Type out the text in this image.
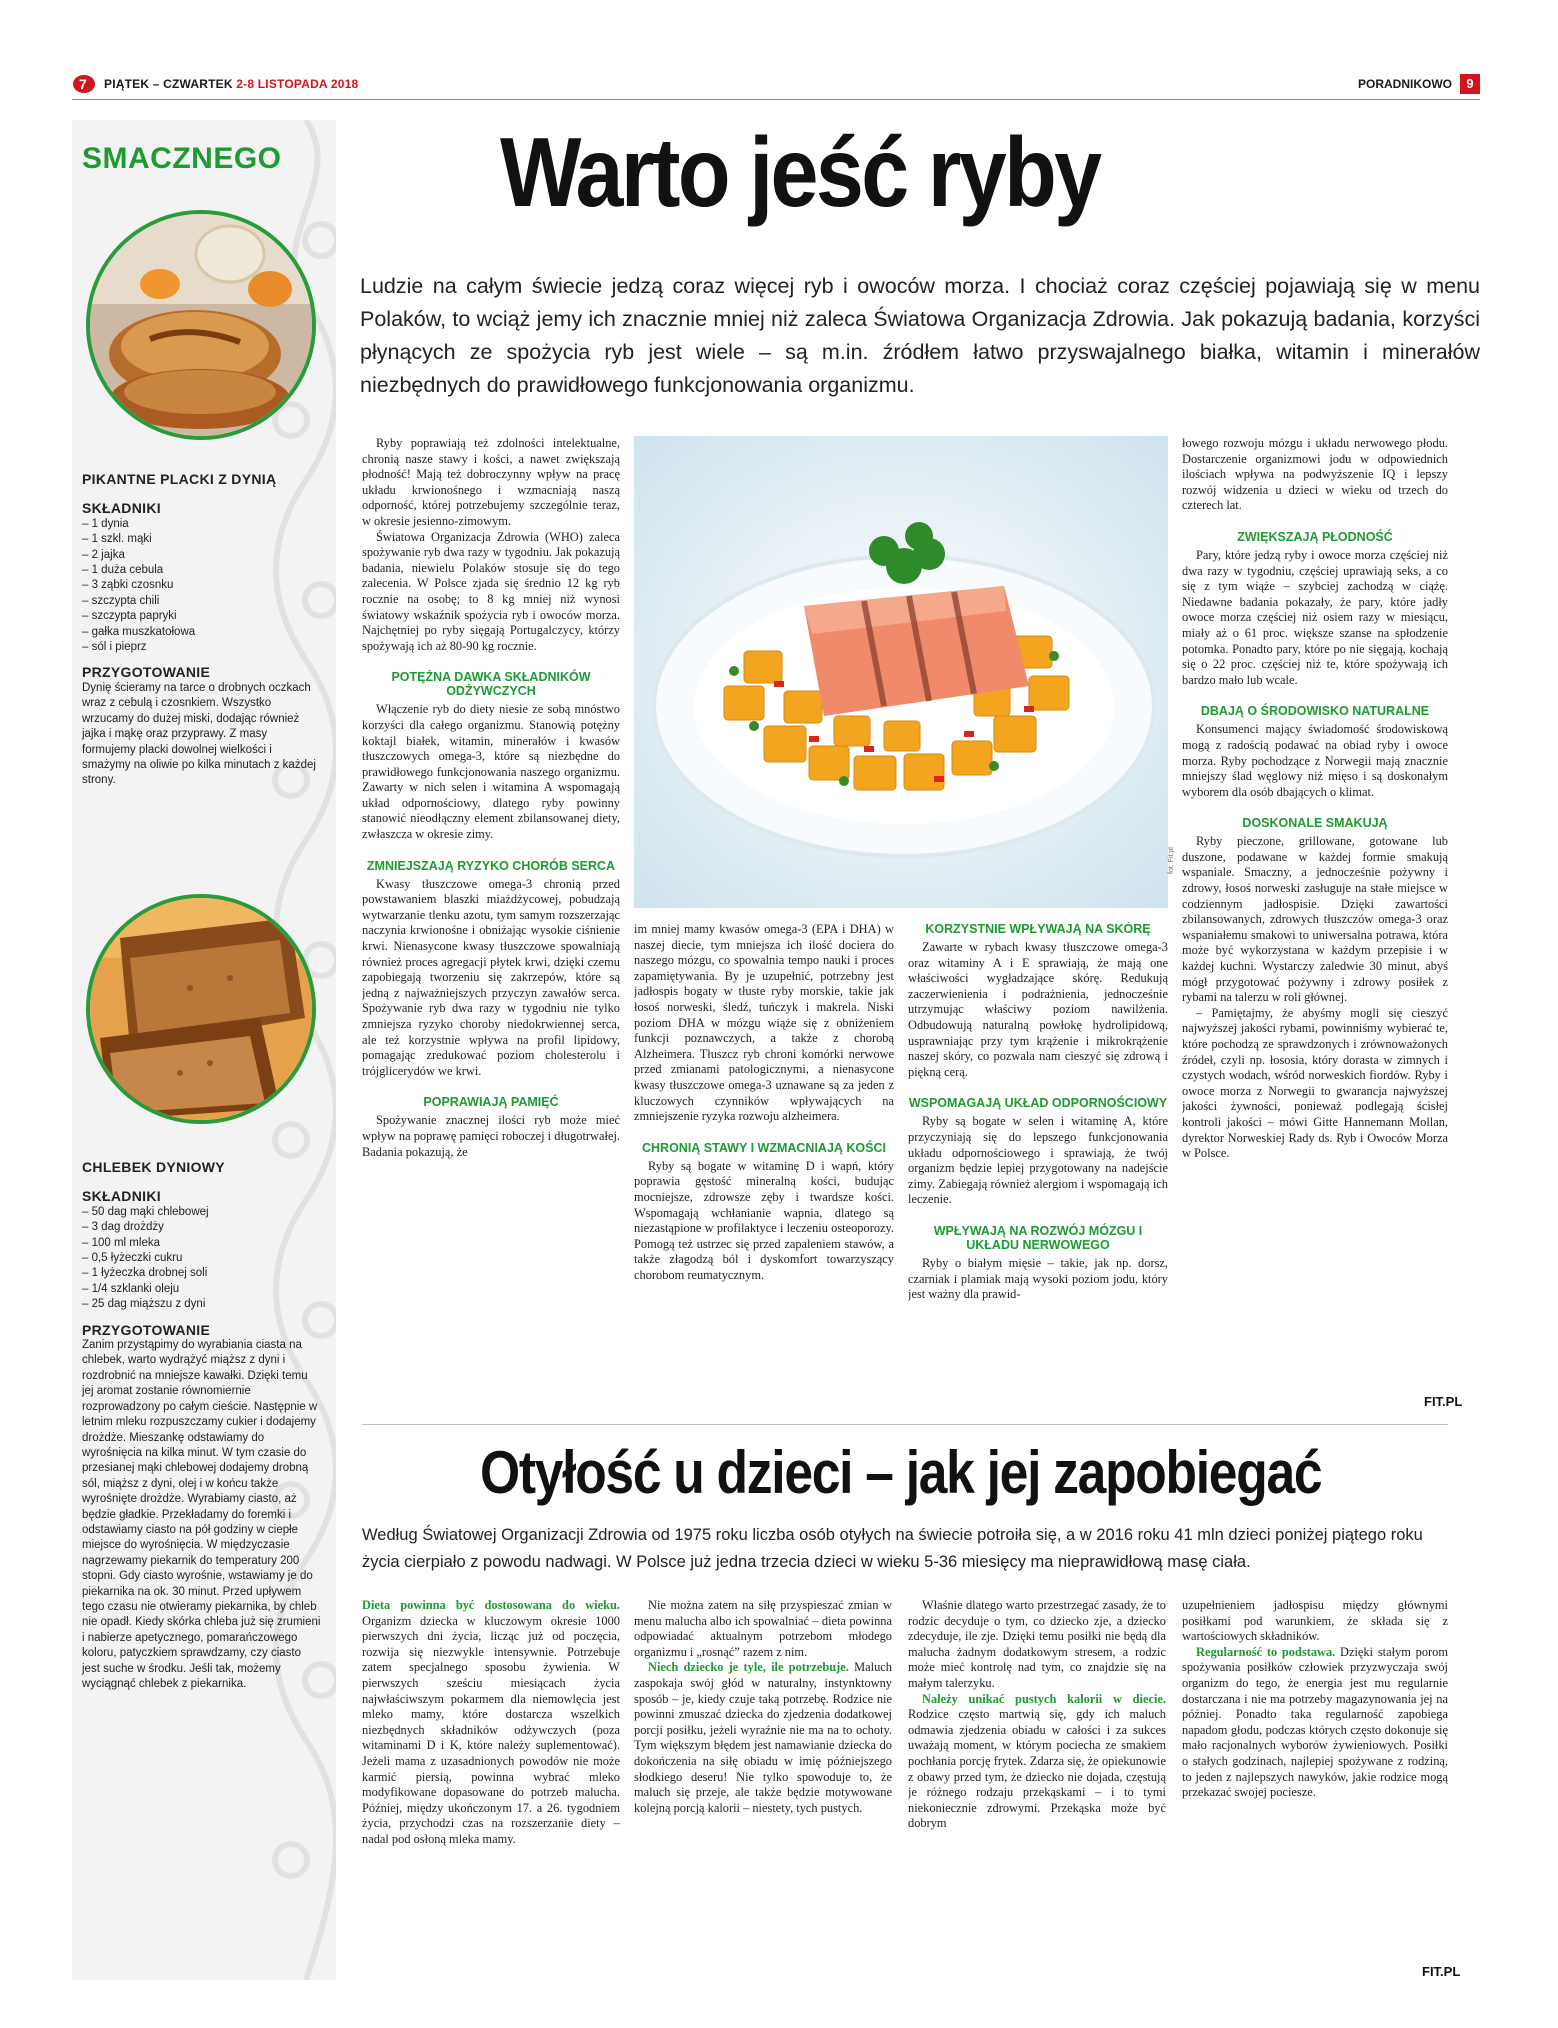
7 PIĄTEK – CZWARTEK 2-8 LISTOPADA 2018	PORADNIKOWO	9
SMACZNEGO
PIKANTNE PLACKI Z DYNIĄ
SKŁADNIKI
– 1 dynia
– 1 szkl. mąki
– 2 jajka
– 1 duża cebula
– 3 ząbki czosnku
– szczypta chili
– szczypta papryki
– gałka muszkatołowa
– sól i pieprz
PRZYGOTOWANIE

Dynię ścieramy na tarce o drobnych oczkach wraz z cebulą i czosnkiem. Wszystko wrzucamy do dużej miski, dodając również jajka i mąkę oraz przyprawy. Z masy formujemy placki dowolnej wielkości i smażymy na oliwie po kilka minutach z każdej strony.

CHLEBEK DYNIOWY
SKŁADNIKI
– 50 dag mąki chlebowej
– 3 dag drożdży
– 100 ml mleka
– 0,5 łyżeczki cukru
– 1 łyżeczka drobnej soli
– 1/4 szklanki oleju
– 25 dag miąższu z dyni
PRZYGOTOWANIE

Zanim przystąpimy do wyrabiania ciasta na chlebek, warto wydrążyć miąższ z dyni i rozdrobnić na mniejsze kawałki. Dzięki temu jej aromat zostanie równomiernie rozprowadzony po całym cieście. Następnie w letnim mleku rozpuszczamy cukier i dodajemy drożdże. Mieszankę odstawiamy do wyrośnięcia na kilka minut. W tym czasie do przesianej mąki chlebowej dodajemy drobną sól, miąższ z dyni, olej i w końcu także wyrośnięte drożdże. Wyrabiamy ciasto, aż będzie gładkie. Przekładamy do foremki i odstawiamy ciasto na pół godziny w ciepłe miejsce do wyrośnięcia. W międzyczasie nagrzewamy piekarnik do temperatury 200 stopni. Gdy ciasto wyrośnie, wstawiamy je do piekarnika na ok. 30 minut. Przed upływem tego czasu nie otwieramy piekarnika, by chleb nie opadł. Kiedy skórka chleba już się zrumieni i nabierze apetycznego, pomarańczowego koloru, patyczkiem sprawdzamy, czy ciasto jest suche w środku. Jeśli tak, możemy wyciągnąć chlebek z piekarnika.

Warto jeść ryby
Ludzie na całym świecie jedzą coraz więcej ryb i owoców morza. I chociaż coraz częściej pojawiają się w menu Polaków, to wciąż jemy ich znacznie mniej niż zaleca Światowa Organizacja Zdrowia. Jak pokazują badania, korzyści płynących ze spożycia ryb jest wiele – są m.in. źródłem łatwo przyswajalnego białka, witamin i minerałów niezbędnych do prawidłowego funkcjonowania organizmu.

Ryby poprawiają też zdolności intelektualne, chronią nasze stawy i kości, a nawet zwiększają płodność! Mają też dobroczynny wpływ na pracę układu krwionośnego i wzmacniają naszą odporność, której potrzebujemy szczególnie teraz, w okresie jesienno-zimowym.

Światowa Organizacja Zdrowia (WHO) zaleca spożywanie ryb dwa razy w tygodniu. Jak pokazują badania, niewielu Polaków stosuje się do tego zalecenia. W Polsce zjada się średnio 12 kg ryb rocznie na osobę; to 8 kg mniej niż wynosi światowy wskaźnik spożycia ryb i owoców morza. Najchętniej po ryby sięgają Portugalczycy, którzy spożywają ich aż 80-90 kg rocznie.

POTĘŻNA DAWKA SKŁADNIKÓW ODŻYWCZYCH

Włączenie ryb do diety niesie ze sobą mnóstwo korzyści dla całego organizmu. Stanowią potężny koktajl białek, witamin, minerałów i kwasów tłuszczowych omega-3, które są niezbędne do prawidłowego funkcjonowania naszego organizmu. Zawarty w nich selen i witamina A wspomagają układ odpornościowy, dlatego ryby powinny stanowić nieodłączny element zbilansowanej diety, zwłaszcza w okresie zimy.

ZMNIEJSZAJĄ RYZYKO CHORÓB SERCA

Kwasy tłuszczowe omega-3 chronią przed powstawaniem blaszki miażdżycowej, pobudzają wytwarzanie tlenku azotu, tym samym rozszerzając naczynia krwionośne i obniżając wysokie ciśnienie krwi. Nienasycone kwasy tłuszczowe spowalniają również proces agregacji płytek krwi, dzięki czemu zapobiegają tworzeniu się zakrzepów, które są jedną z najważniejszych przyczyn zawałów serca. Spożywanie ryb dwa razy w tygodniu nie tylko zmniejsza ryzyko choroby niedokrwiennej serca, ale też korzystnie wpływa na profil lipidowy, pomagając zredukować poziom cholesterolu i trójglicerydów we krwi.

POPRAWIAJĄ PAMIĘĆ

Spożywanie znacznej ilości ryb może mieć wpływ na poprawę pamięci roboczej i długotrwałej. Badania pokazują, że

fot. Fit.pl

im mniej mamy kwasów omega-3 (EPA i DHA) w naszej diecie, tym mniejsza ich ilość dociera do naszego mózgu, co spowalnia tempo nauki i proces zapamiętywania. By je uzupełnić, potrzebny jest jadłospis bogaty w tłuste ryby morskie, takie jak łosoś norweski, śledź, tuńczyk i makrela. Niski poziom DHA w mózgu wiąże się z obniżeniem funkcji poznawczych, a także z chorobą Alzheimera. Tłuszcz ryb chroni komórki nerwowe przed zmianami patologicznymi, a nienasycone kwasy tłuszczowe omega-3 uznawane są za jeden z kluczowych czynników wpływających na zmniejszenie ryzyka rozwoju alzheimera.

CHRONIĄ STAWY I WZMACNIAJĄ KOŚCI

Ryby są bogate w witaminę D i wapń, który poprawia gęstość mineralną kości, budując mocniejsze, zdrowsze zęby i twardsze kości. Wspomagają wchłanianie wapnia, dlatego są niezastąpione w profilaktyce i leczeniu osteoporozy. Pomogą też ustrzec się przed zapaleniem stawów, a także złagodzą ból i dyskomfort towarzyszący chorobom reumatycznym.

KORZYSTNIE WPŁYWAJĄ NA SKÓRĘ

Zawarte w rybach kwasy tłuszczowe omega-3 oraz witaminy A i E sprawiają, że mają one właściwości wygładzające skórę. Redukują zaczerwienienia i podrażnienia, jednocześnie utrzymując właściwy poziom nawilżenia. Odbudowują naturalną powłokę hydrolipidową, usprawniając przy tym krążenie i mikrokrążenie naszej skóry, co pozwala nam cieszyć się zdrową i piękną cerą.

WSPOMAGAJĄ UKŁAD ODPORNOŚCIOWY

Ryby są bogate w selen i witaminę A, które przyczyniają się do lepszego funkcjonowania układu odpornościowego i sprawiają, że twój organizm będzie lepiej przygotowany na nadejście zimy. Zabiegają również alergiom i wspomagają ich leczenie.

WPŁYWAJĄ NA ROZWÓJ MÓZGU I UKŁADU NERWOWEGO

Ryby o białym mięsie – takie, jak np. dorsz, czarniak i plamiak mają wysoki poziom jodu, który jest ważny dla prawid-

łowego rozwoju mózgu i układu nerwowego płodu. Dostarczenie organizmowi jodu w odpowiednich ilościach wpływa na podwyższenie IQ i lepszy rozwój widzenia u dzieci w wieku od trzech do czterech lat.

ZWIĘKSZAJĄ PŁODNOŚĆ

Pary, które jedzą ryby i owoce morza częściej niż dwa razy w tygodniu, częściej uprawiają seks, a co się z tym wiąże – szybciej zachodzą w ciążę. Niedawne badania pokazały, że pary, które jadły owoce morza częściej niż osiem razy w miesiącu, miały aż o 61 proc. większe szanse na spłodzenie potomka. Ponadto pary, które po nie sięgają, kochają się o 22 proc. częściej niż te, które spożywają ich bardzo mało lub wcale.

DBAJĄ O ŚRODOWISKO NATURALNE

Konsumenci mający świadomość środowiskową mogą z radością podawać na obiad ryby i owoce morza. Ryby pochodzące z Norwegii mają znacznie mniejszy ślad węglowy niż mięso i są doskonałym wyborem dla osób dbających o klimat.

DOSKONALE SMAKUJĄ

Ryby pieczone, grillowane, gotowane lub duszone, podawane w każdej formie smakują wspaniale. Smaczny, a jednocześnie pożywny i zdrowy, łosoś norweski zasługuje na stałe miejsce w codziennym jadłospisie. Dzięki zawartości zbilansowanych, zdrowych tłuszczów omega-3 oraz wspaniałemu smakowi to uniwersalna potrawa, która może być wykorzystana w każdym przepisie i w każdej kuchni. Wystarczy zaledwie 30 minut, abyś mógł przygotować pożywny i zdrowy posiłek z rybami na talerzu w roli głównej.

– Pamiętajmy, że abyśmy mogli się cieszyć najwyższej jakości rybami, powinniśmy wybierać te, które pochodzą ze sprawdzonych i zrównoważonych źródeł, czyli np. łososia, który dorasta w zimnych i czystych wodach, wśród norweskich fiordów. Ryby i owoce morza z Norwegii to gwarancja najwyższej jakości żywności, ponieważ podlegają ścisłej kontroli jakości – mówi Gitte Hannemann Mollan, dyrektor Norweskiej Rady ds. Ryb i Owoców Morza w Polsce.

FIT.PL
Otyłość u dzieci – jak jej zapobiegać
Według Światowej Organizacji Zdrowia od 1975 roku liczba osób otyłych na świecie potroiła się, a w 2016 roku 41 mln dzieci poniżej piątego roku życia cierpiało z powodu nadwagi. W Polsce już jedna trzecia dzieci w wieku 5-36 miesięcy ma nieprawidłową masę ciała.

Dieta powinna być dostosowana do wieku. Organizm dziecka w kluczowym okresie 1000 pierwszych dni życia, licząc już od poczęcia, rozwija się niezwykle intensywnie. Potrzebuje zatem specjalnego sposobu żywienia. W pierwszych sześciu miesiącach życia najwłaściwszym pokarmem dla niemowlęcia jest mleko mamy, które dostarcza wszelkich niezbędnych składników odżywczych (poza witaminami D i K, które należy suplementować). Jeżeli mama z uzasadnionych powodów nie może karmić piersią, powinna wybrać mleko modyfikowane dopasowane do potrzeb malucha. Później, między ukończonym 17. a 26. tygodniem życia, przychodzi czas na rozszerzanie diety – nadal pod osłoną mleka mamy.

Nie można zatem na siłę przyspieszać zmian w menu malucha albo ich spowalniać – dieta powinna odpowiadać aktualnym potrzebom młodego organizmu i „rosnąć” razem z nim.

Niech dziecko je tyle, ile potrzebuje. Maluch zaspokaja swój głód w naturalny, instynktowny sposób – je, kiedy czuje taką potrzebę. Rodzice nie powinni zmuszać dziecka do zjedzenia dodatkowej porcji posiłku, jeżeli wyraźnie nie ma na to ochoty. Tym większym błędem jest namawianie dziecka do dokończenia na siłę obiadu w imię późniejszego słodkiego deseru! Nie tylko spowoduje to, że maluch się przeje, ale także będzie motywowane kolejną porcją kalorii – niestety, tych pustych.

Właśnie dlatego warto przestrzegać zasady, że to rodzic decyduje o tym, co dziecko zje, a dziecko zdecyduje, ile zje. Dzięki temu posiłki nie będą dla malucha żadnym dodatkowym stresem, a rodzic może mieć kontrolę nad tym, co znajdzie się na małym talerzyku.

Należy unikać pustych kalorii w diecie. Rodzice często martwią się, gdy ich maluch odmawia zjedzenia obiadu w całości i za sukces uważają moment, w którym pociecha ze smakiem pochłania porcję frytek. Zdarza się, że opiekunowie z obawy przed tym, że dziecko nie dojada, częstują je różnego rodzaju przekąskami – i to tymi niekoniecznie zdrowymi. Przekąska może być dobrym

uzupełnieniem jadłospisu między głównymi posiłkami pod warunkiem, że składa się z wartościowych składników.

Regularność to podstawa. Dzięki stałym porom spożywania posiłków człowiek przyzwyczaja swój organizm do tego, że energia jest mu regularnie dostarczana i nie ma potrzeby magazynowania jej na później. Ponadto taka regularność zapobiega napadom głodu, podczas których często dokonuje się mało racjonalnych wyborów żywieniowych. Posiłki o stałych godzinach, najlepiej spożywane z rodziną, to jeden z najlepszych nawyków, jakie rodzice mogą przekazać swojej pociesze.

FIT.PL
